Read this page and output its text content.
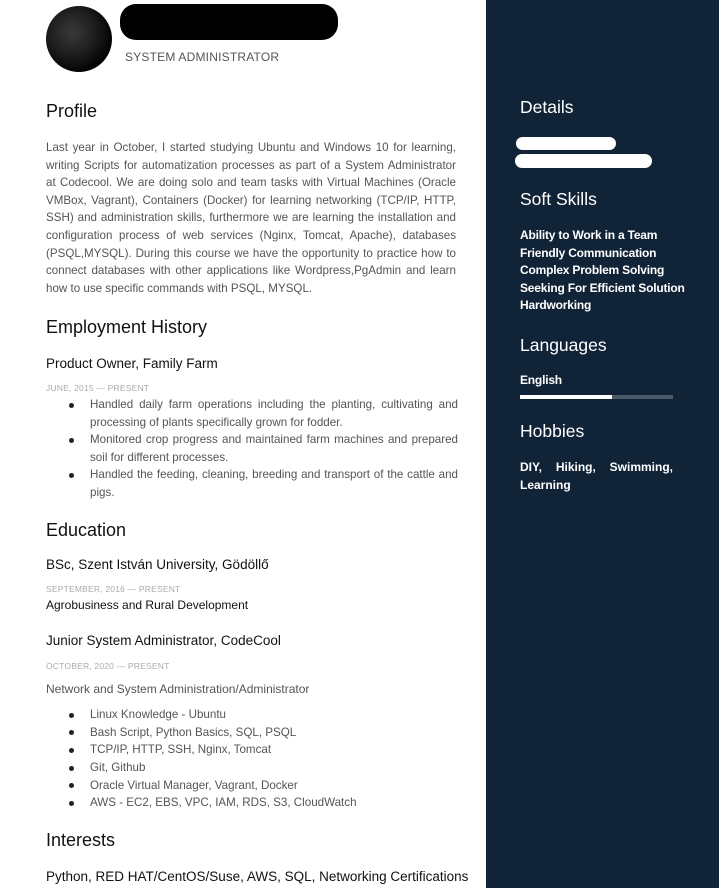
SYSTEM ADMINISTRATOR
Profile
Last year in October, I started studying Ubuntu and Windows 10 for learning, writing Scripts for automatization processes as part of a System Administrator at Codecool. We are doing solo and team tasks with Virtual Machines (Oracle VMBox, Vagrant), Containers (Docker) for learning networking (TCP/IP, HTTP, SSH) and administration skills, furthermore we are learning the installation and configuration process of web services (Nginx, Tomcat, Apache), databases (PSQL,MYSQL). During this course we have the opportunity to practice how to connect databases with other applications like Wordpress,PgAdmin and learn how to use specific commands with PSQL, MYSQL.
Employment History
Product Owner, Family Farm
JUNE, 2015 — PRESENT
Handled daily farm operations including the planting, cultivating and processing of plants specifically grown for fodder.
Monitored crop progress and maintained farm machines and prepared soil for different processes.
Handled the feeding, cleaning, breeding and transport of the cattle and pigs.
Education
BSc, Szent István University, Gödöllő
SEPTEMBER, 2016 — PRESENT
Agrobusiness and Rural Development
Junior System Administrator, CodeCool
OCTOBER, 2020 — PRESENT
Network and System Administration/Administrator
Linux Knowledge - Ubuntu
Bash Script, Python Basics, SQL, PSQL
TCP/IP, HTTP, SSH, Nginx, Tomcat
Git, Github
Oracle Virtual Manager, Vagrant, Docker
AWS - EC2, EBS, VPC, IAM, RDS, S3, CloudWatch
Interests
Python, RED HAT/CentOS/Suse, AWS, SQL, Networking Certifications
Details
Soft Skills
Ability to Work in a Team
Friendly Communication
Complex Problem Solving
Seeking For Efficient Solution
Hardworking
Languages
English
Hobbies
DIY, Hiking, Swimming, Learning
